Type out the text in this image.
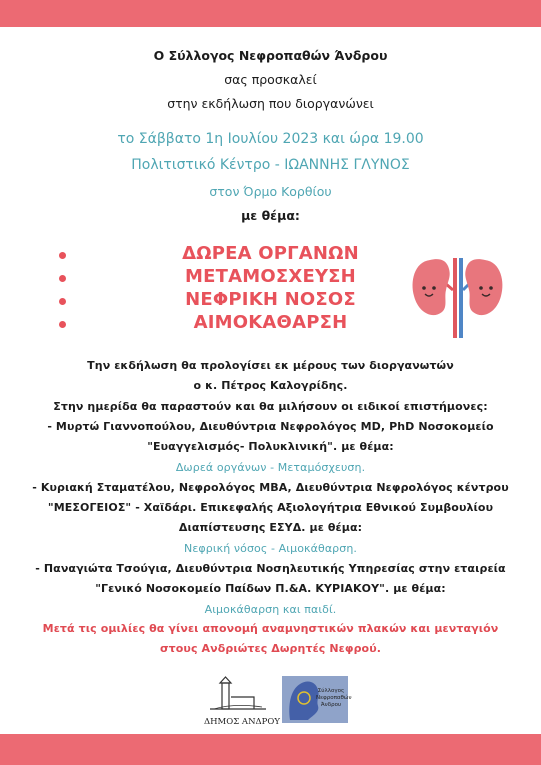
Ο Σύλλογος Νεφροπαθών Άνδρου
σας προσκαλεί
στην εκδήλωση που διοργανώνει
το Σάββατο 1η Ιουλίου 2023 και ώρα 19.00
Πολιτιστικό Κέντρο - ΙΩΑΝΝΗΣ ΓΛΥΝΟΣ
στον Όρμο Κορθίου
με θέμα:
ΔΩΡΕΑ ΟΡΓΑΝΩΝ
ΜΕΤΑΜΟΣΧΕΥΣΗ
ΝΕΦΡΙΚΗ ΝΟΣΟΣ
ΑΙΜΟΚΑΘΑΡΣΗ
Την εκδήλωση θα προλογίσει εκ μέρους των διοργανωτών
ο κ. Πέτρος Καλογρίδης.
Στην ημερίδα θα παραστούν και θα μιλήσουν οι ειδικοί επιστήμονες:
- Μυρτώ Γιαννοπούλου, Διευθύντρια Νεφρολόγος MD, PhD Νοσοκομείο
"Ευαγγελισμός- Πολυκλινική". με θέμα:
Δωρεά οργάνων - Μεταμόσχευση.
- Κυριακή Σταματέλου, Νεφρολόγος MBA, Διευθύντρια Νεφρολόγος κέντρου
"ΜΕΣΟΓΕΙΟΣ" - Χαϊδάρι. Επικεφαλής Αξιολογήτρια Εθνικού Συμβουλίου
Διαπίστευσης ΕΣΥΔ. με θέμα:
Νεφρική νόσος - Αιμοκάθαρση.
- Παναγιώτα Τσούγια, Διευθύντρια Νοσηλευτικής Υπηρεσίας στην εταιρεία
"Γενικό Νοσοκομείο Παίδων Π.&Α. ΚΥΡΙΑΚΟΥ". με θέμα:
Αιμοκάθαρση και παιδί.
Μετά τις ομιλίες θα γίνει απονομή αναμνηστικών πλακών και μενταγιόν
στους Ανδριώτες Δωρητές Νεφρού.
ΔΗΜΟΣ ΑΝΔΡΟΥ
Σύλλογος Νεφροπαθών Άνδρου
